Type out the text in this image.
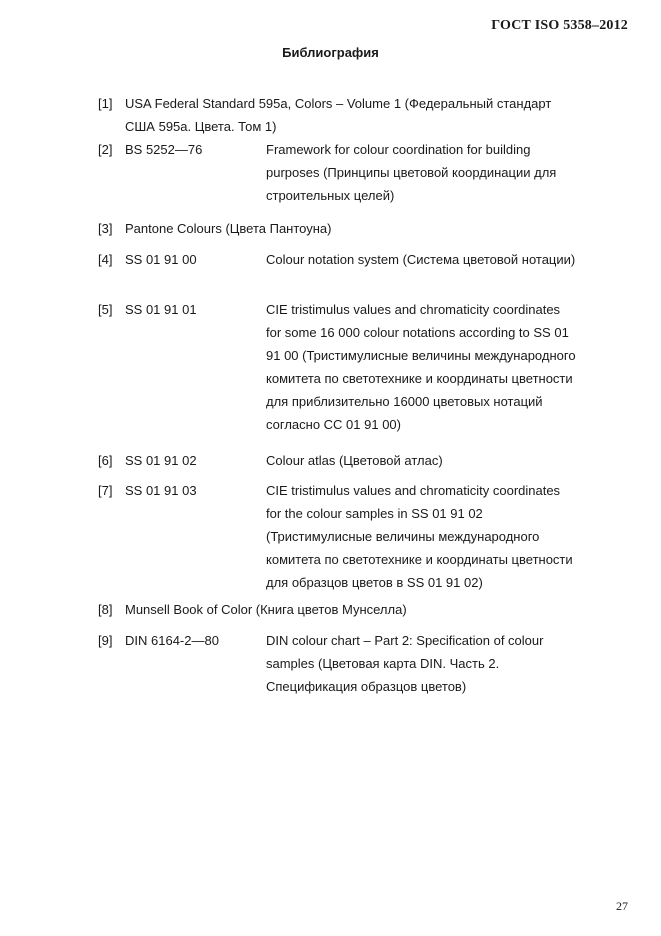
ГОСТ ISO 5358–2012
Библиография
[1] USA Federal Standard 595a, Colors – Volume 1 (Федеральный стандарт США 595a. Цвета. Том 1)
[2] BS 5252—76	Framework for colour coordination for building purposes (Принципы цветовой координации для строительных целей)
[3] Pantone Colours (Цвета Пантоуна)
[4] SS 01 91 00	Colour notation system (Система цветовой нотации)
[5] SS 01 91 01	CIE tristimulus values and chromaticity coordinates for some 16 000 colour notations according to SS 01 91 00 (Тристимулисные величины международного комитета по светотехнике и координаты цветности для приблизительно 16000 цветовых нотаций согласно СС 01 91 00)
[6] SS 01 91 02	Colour atlas (Цветовой атлас)
[7] SS 01 91 03	CIE tristimulus values and chromaticity coordinates for the colour samples in SS 01 91 02 (Тристимулисные величины международного комитета по светотехнике и координаты цветности для образцов цветов в SS 01 91 02)
[8] Munsell Book of Color (Книга цветов Мунселла)
[9] DIN 6164-2—80	DIN colour chart – Part 2: Specification of colour samples (Цветовая карта DIN. Часть 2. Спецификация образцов цветов)
27
